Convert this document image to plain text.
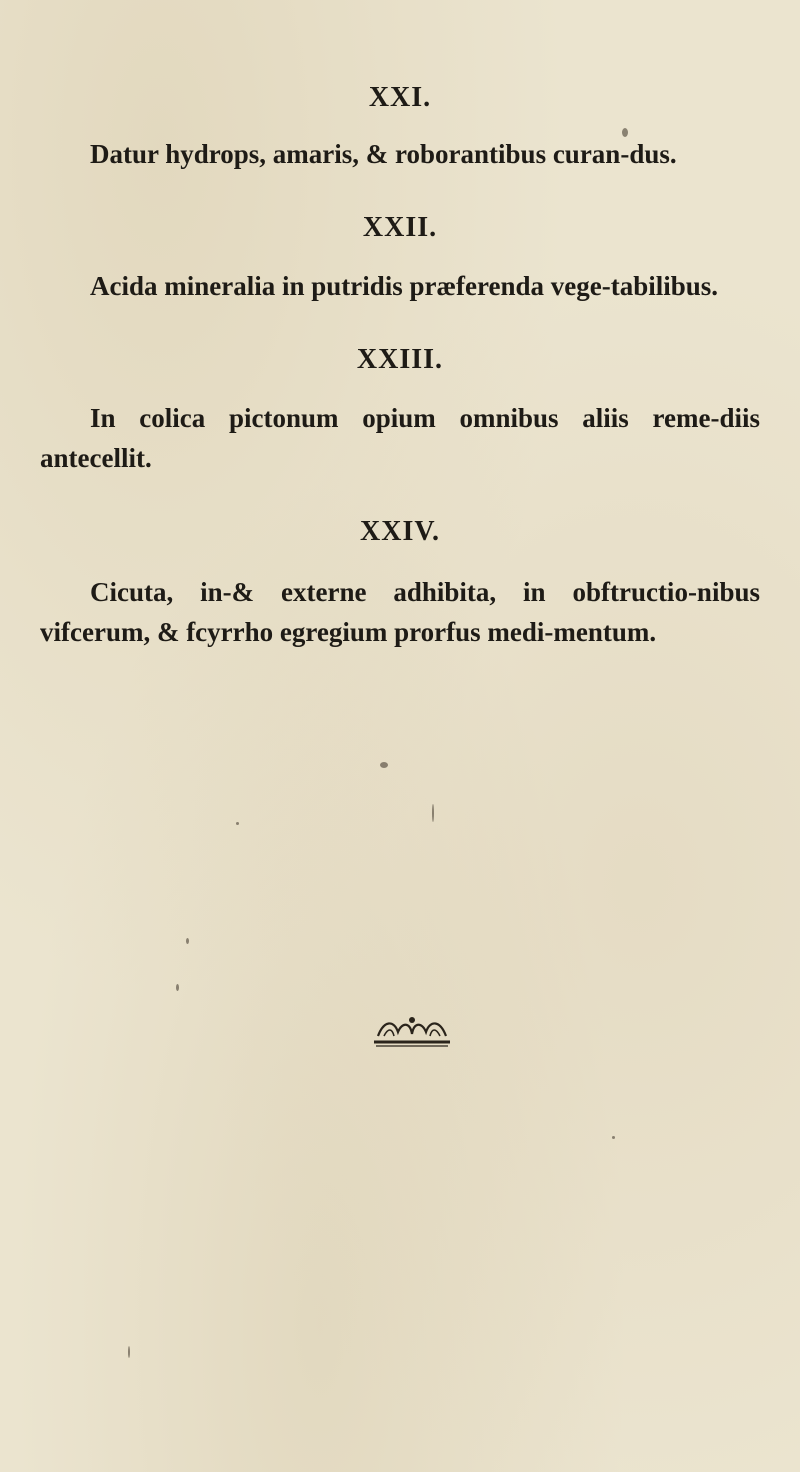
XXI.

Datur hydrops, amaris, & roborantibus curan-dus.

XXII.

Acida mineralia in putridis præferenda vege-tabilibus.

XXIII.

In colica pictonum opium omnibus aliis reme-diis antecellit.

XXIV.

Cicuta, in-& externe adhibita, in obftructio-nibus vifcerum, & fcyrrho egregium prorfus medi-mentum.
